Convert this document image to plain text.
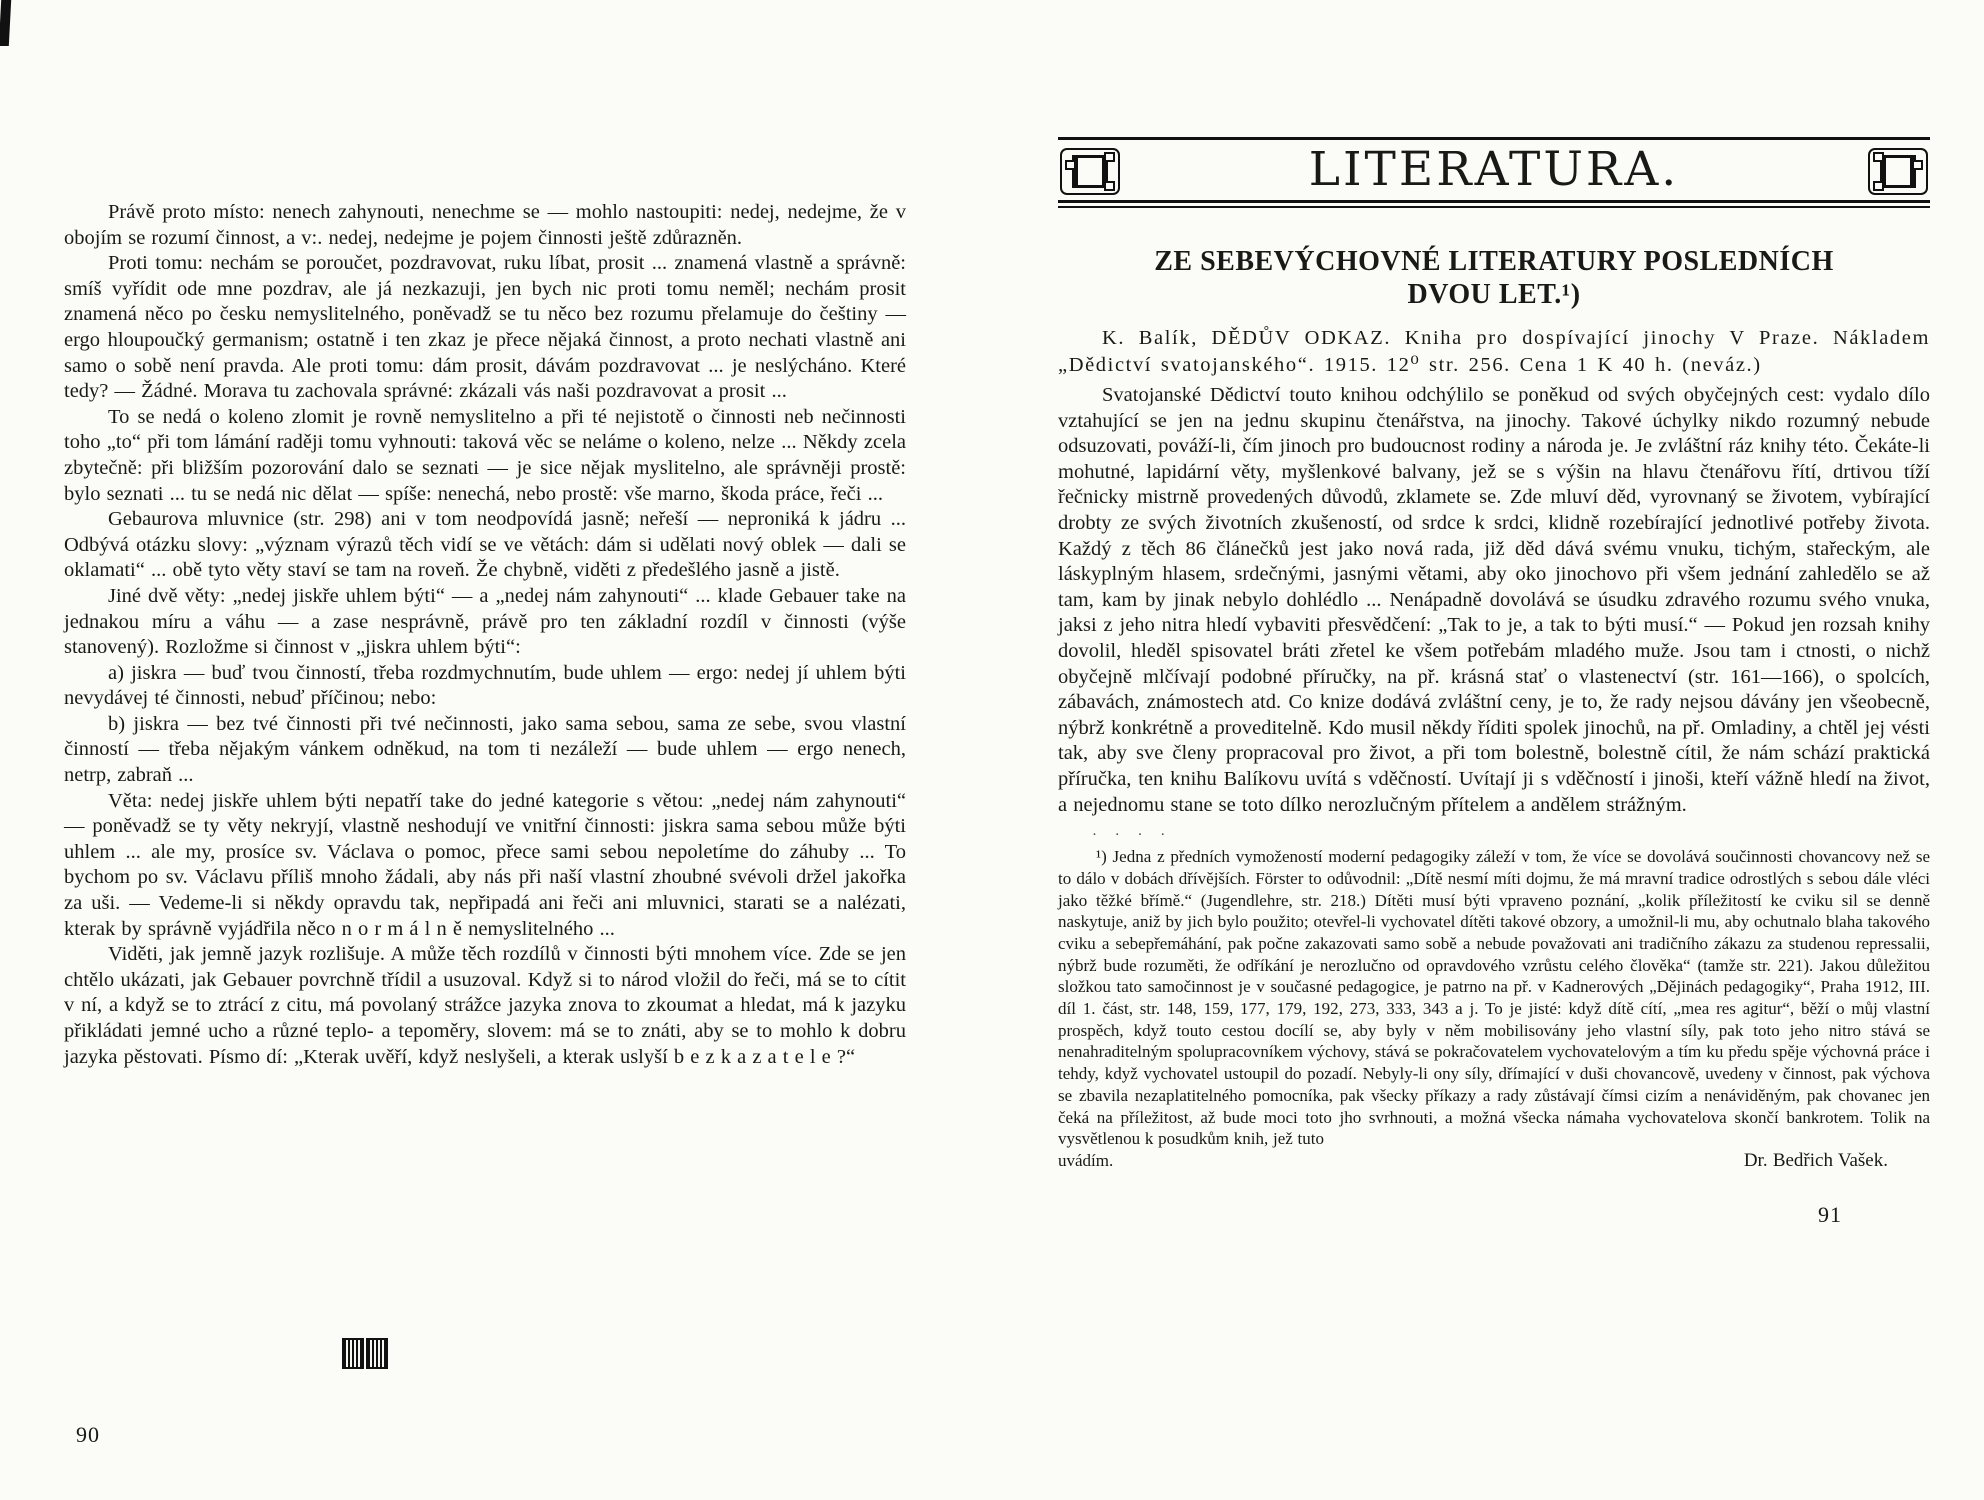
Právě proto místo: nenech zahynouti, nenechme se — mohlo nastoupiti: nedej, nedejme, že v obojím se rozumí činnost, a v:. nedej, nedejme je pojem činnosti ještě zdůrazněn.

Proti tomu: nechám se poroučet, pozdravovat, ruku líbat, prosit ... znamená vlastně a správně: smíš vyřídit ode mne pozdrav, ale já nezkazuji, jen bych nic proti tomu neměl; nechám prosit znamená něco po česku nemyslitelného, poněvadž se tu něco bez rozumu přelamuje do češtiny — ergo hloupoučký germanism; ostatně i ten zkaz je přece nějaká činnost, a proto nechati vlastně ani samo o sobě není pravda. Ale proti tomu: dám prosit, dávám pozdravovat ... je neslýcháno. Které tedy? — Žádné. Morava tu zachovala správné: zkázali vás naši pozdravovat a prosit ...

To se nedá o koleno zlomit je rovně nemyslitelno a při té nejistotě o činnosti neb nečinnosti toho „to“ při tom lámání raději tomu vyhnouti: taková věc se neláme o koleno, nelze ... Někdy zcela zbytečně: při bližším pozorování dalo se seznati — je sice nějak myslitelno, ale správněji prostě: bylo seznati ... tu se nedá nic dělat — spíše: nenechá, nebo prostě: vše marno, škoda práce, řeči ...

Gebaurova mluvnice (str. 298) ani v tom neodpovídá jasně; neřeší — neproniká k jádru ... Odbývá otázku slovy: „význam výrazů těch vidí se ve větách: dám si udělati nový oblek — dali se oklamati“ ... obě tyto věty staví se tam na roveň. Že chybně, viděti z předešlého jasně a jistě.

Jiné dvě věty: „nedej jiskře uhlem býti“ — a „nedej nám zahynouti“ ... klade Gebauer take na jednakou míru a váhu — a zase nesprávně, právě pro ten základní rozdíl v činnosti (výše stanovený). Rozložme si činnost v „jiskra uhlem býti“:

a) jiskra — buď tvou činností, třeba rozdmychnutím, bude uhlem — ergo: nedej jí uhlem býti nevydávej té činnosti, nebuď příčinou; nebo:

b) jiskra — bez tvé činnosti při tvé nečinnosti, jako sama sebou, sama ze sebe, svou vlastní činností — třeba nějakým vánkem odněkud, na tom ti nezáleží — bude uhlem — ergo nenech, netrp, zabraň ...

Věta: nedej jiskře uhlem býti nepatří take do jedné kategorie s větou: „nedej nám zahynouti“ — poněvadž se ty věty nekryjí, vlastně neshodují ve vnitřní činnosti: jiskra sama sebou může býti uhlem ... ale my, prosíce sv. Václava o pomoc, přece sami sebou nepoletíme do záhuby ... To bychom po sv. Václavu příliš mnoho žádali, aby nás při naší vlastní zhoubné svévoli držel jakořka za uši. — Vedeme-li si někdy opravdu tak, nepřipadá ani řeči ani mluvnici, starati se a nalézati, kterak by správně vyjádřila něco n o r m á l n ě nemyslitelného ...

Viděti, jak jemně jazyk rozlišuje. A může těch rozdílů v činnosti býti mnohem více. Zde se jen chtělo ukázati, jak Gebauer povrchně třídil a usuzoval. Když si to národ vložil do řeči, má se to cítit v ní, a když se to ztrácí z citu, má povolaný strážce jazyka znova to zkoumat a hledat, má k jazyku přikládati jemné ucho a různé teplo- a tepoměry, slovem: má se to znáti, aby se to mohlo k dobru jazyka pěstovati. Písmo dí: „Kterak uvěří, když neslyšeli, a kterak uslyší b e z k a z a t e l e ?“

90
LITERATURA.
ZE SEBEVÝCHOVNÉ LITERATURY POSLEDNÍCH
DVOU LET.¹)

K. Balík, DĚDŮV ODKAZ. Kniha pro dospívající jinochy V Praze. Nákladem „Dědictví svatojanského“. 1915. 12⁰ str. 256. Cena 1 K 40 h. (neváz.)

Svatojanské Dědictví touto knihou odchýlilo se poněkud od svých obyčejných cest: vydalo dílo vztahující se jen na jednu skupinu čtenářstva, na jinochy. Takové úchylky nikdo rozumný nebude odsuzovati, pováží-li, čím jinoch pro budoucnost rodiny a národa je. Je zvláštní ráz knihy této. Čekáte-li mohutné, lapidární věty, myšlenkové balvany, jež se s výšin na hlavu čtenářovu řítí, drtivou tíží řečnicky mistrně provedených důvodů, zklamete se. Zde mluví děd, vyrovnaný se životem, vybírající drobty ze svých životních zkušeností, od srdce k srdci, klidně rozebírající jednotlivé potřeby života. Každý z těch 86 článečků jest jako nová rada, již děd dává svému vnuku, tichým, stařeckým, ale láskyplným hlasem, srdečnými, jasnými větami, aby oko jinochovo při všem jednání zahledělo se až tam, kam by jinak nebylo dohlédlo ... Nenápadně dovolává se úsudku zdravého rozumu svého vnuka, jaksi z jeho nitra hledí vybaviti přesvědčení: „Tak to je, a tak to býti musí.“ — Pokud jen rozsah knihy dovolil, hleděl spisovatel bráti zřetel ke všem potřebám mladého muže. Jsou tam i ctnosti, o nichž obyčejně mlčívají podobné příručky, na př. krásná stať o vlastenectví (str. 161—166), o spolcích, zábavách, známostech atd. Co knize dodává zvláštní ceny, je to, že rady nejsou dávány jen všeobecně, nýbrž konkrétně a proveditelně. Kdo musil někdy říditi spolek jinochů, na př. Omladiny, a chtěl jej vésti tak, aby sve členy propracoval pro život, a při tom bolestně, bolestně cítil, že nám schází praktická příručka, ten knihu Balíkovu uvítá s vděčností. Uvítají ji s vděčností i jinoši, kteří vážně hledí na život, a nejednomu stane se toto dílko nerozlučným přítelem a andělem strážným.

· · · ·
¹) Jedna z předních vymožeností moderní pedagogiky záleží v tom, že více se dovolává součinnosti chovancovy než se to dálo v dobách dřívějších. Förster to odůvodnil: „Dítě nesmí míti dojmu, že má mravní tradice odrostlých s sebou dále vléci jako těžké břímě.“ (Jugendlehre, str. 218.) Dítěti musí býti vpraveno poznání, „kolik příležitostí ke cviku sil se denně naskytuje, aniž by jich bylo použito; otevřel-li vychovatel dítěti takové obzory, a umožnil-li mu, aby ochutnalo blaha takového cviku a sebepřemáhání, pak počne zakazovati samo sobě a nebude považovati ani tradičního zákazu za studenou repressalii, nýbrž bude rozuměti, že odříkání je nerozlučno od opravdového vzrůstu celého člověka“ (tamže str. 221). Jakou důležitou složkou tato samočinnost je v současné pedagogice, je patrno na př. v Kadnerových „Dějinách pedagogiky“, Praha 1912, III. díl 1. část, str. 148, 159, 177, 179, 192, 273, 333, 343 a j. To je jisté: když dítě cítí, „mea res agitur“, běží o můj vlastní prospěch, když touto cestou docílí se, aby byly v něm mobilisovány jeho vlastní síly, pak toto jeho nitro stává se nenahraditelným spolupracovníkem výchovy, stává se pokračovatelem vychovatelovým a tím ku předu spěje výchovná práce i tehdy, když vychovatel ustoupil do pozadí. Nebyly-li ony síly, dřímající v duši chovancově, uvedeny v činnost, pak výchova se zbavila nezaplatitelného pomocníka, pak všecky příkazy a rady zůstávají čímsi cizím a nenáviděným, pak chovanec jen čeká na příležitost, až bude moci toto jho svrhnouti, a možná všecka námaha vychovatelova skončí bankrotem. Tolik na vysvětlenou k posudkům knih, jež tuto
uvádím.	Dr. Bedřich Vašek.
91
